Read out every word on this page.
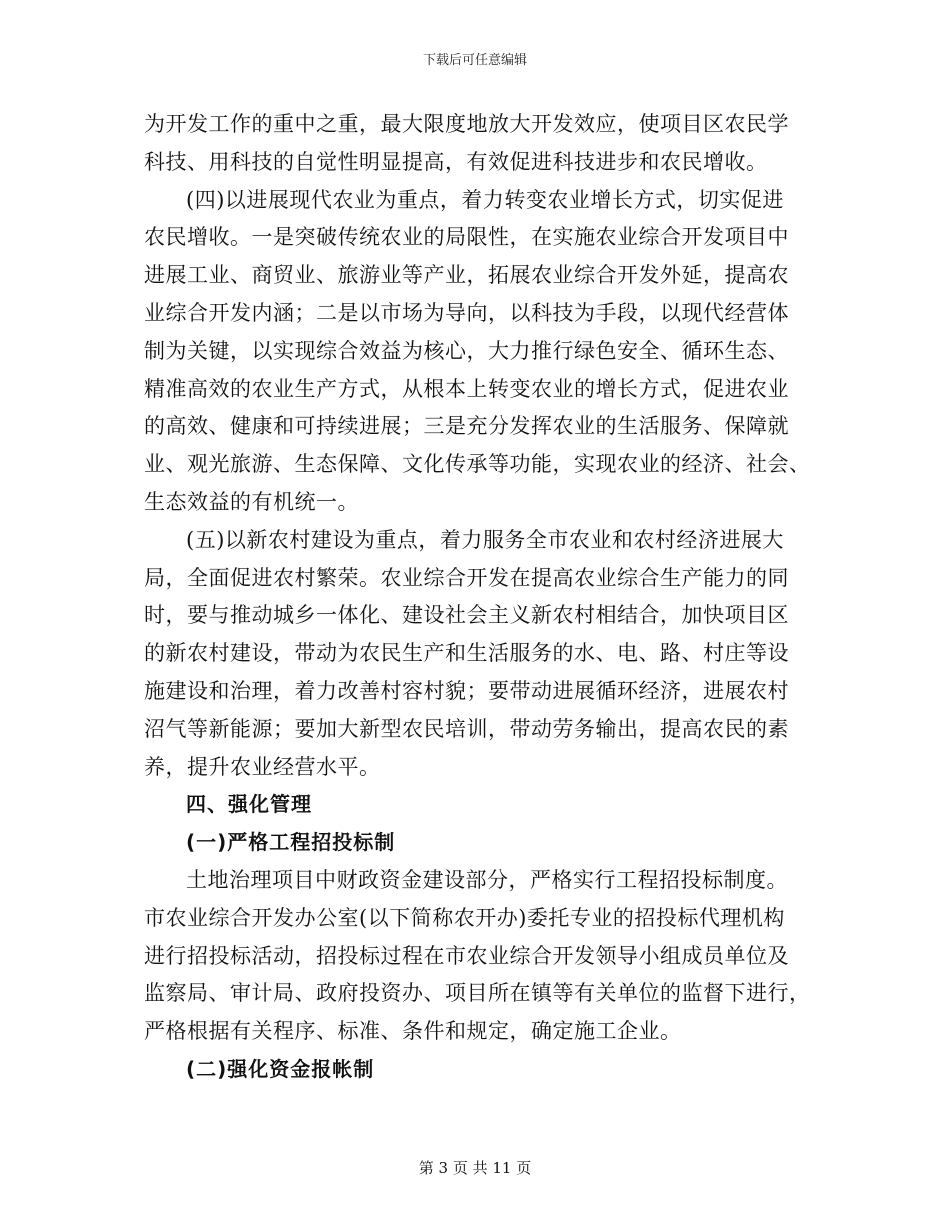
下载后可任意编辑
为开发工作的重中之重，最大限度地放大开发效应，使项目区农民学
科技、用科技的自觉性明显提高，有效促进科技进步和农民增收。
(四)以进展现代农业为重点，着力转变农业增长方式，切实促进
农民增收。一是突破传统农业的局限性，在实施农业综合开发项目中
进展工业、商贸业、旅游业等产业，拓展农业综合开发外延，提高农
业综合开发内涵；二是以市场为导向，以科技为手段，以现代经营体
制为关键，以实现综合效益为核心，大力推行绿色安全、循环生态、
精准高效的农业生产方式，从根本上转变农业的增长方式，促进农业
的高效、健康和可持续进展；三是充分发挥农业的生活服务、保障就
业、观光旅游、生态保障、文化传承等功能，实现农业的经济、社会、
生态效益的有机统一。
(五)以新农村建设为重点，着力服务全市农业和农村经济进展大
局，全面促进农村繁荣。农业综合开发在提高农业综合生产能力的同
时，要与推动城乡一体化、建设社会主义新农村相结合，加快项目区
的新农村建设，带动为农民生产和生活服务的水、电、路、村庄等设
施建设和治理，着力改善村容村貌；要带动进展循环经济，进展农村
沼气等新能源；要加大新型农民培训，带动劳务输出，提高农民的素
养，提升农业经营水平。
四、强化管理
(一)严格工程招投标制
土地治理项目中财政资金建设部分，严格实行工程招投标制度。
市农业综合开发办公室(以下简称农开办)委托专业的招投标代理机构
进行招投标活动，招投标过程在市农业综合开发领导小组成员单位及
监察局、审计局、政府投资办、项目所在镇等有关单位的监督下进行，
严格根据有关程序、标准、条件和规定，确定施工企业。
(二)强化资金报帐制
第 3 页 共 11 页
